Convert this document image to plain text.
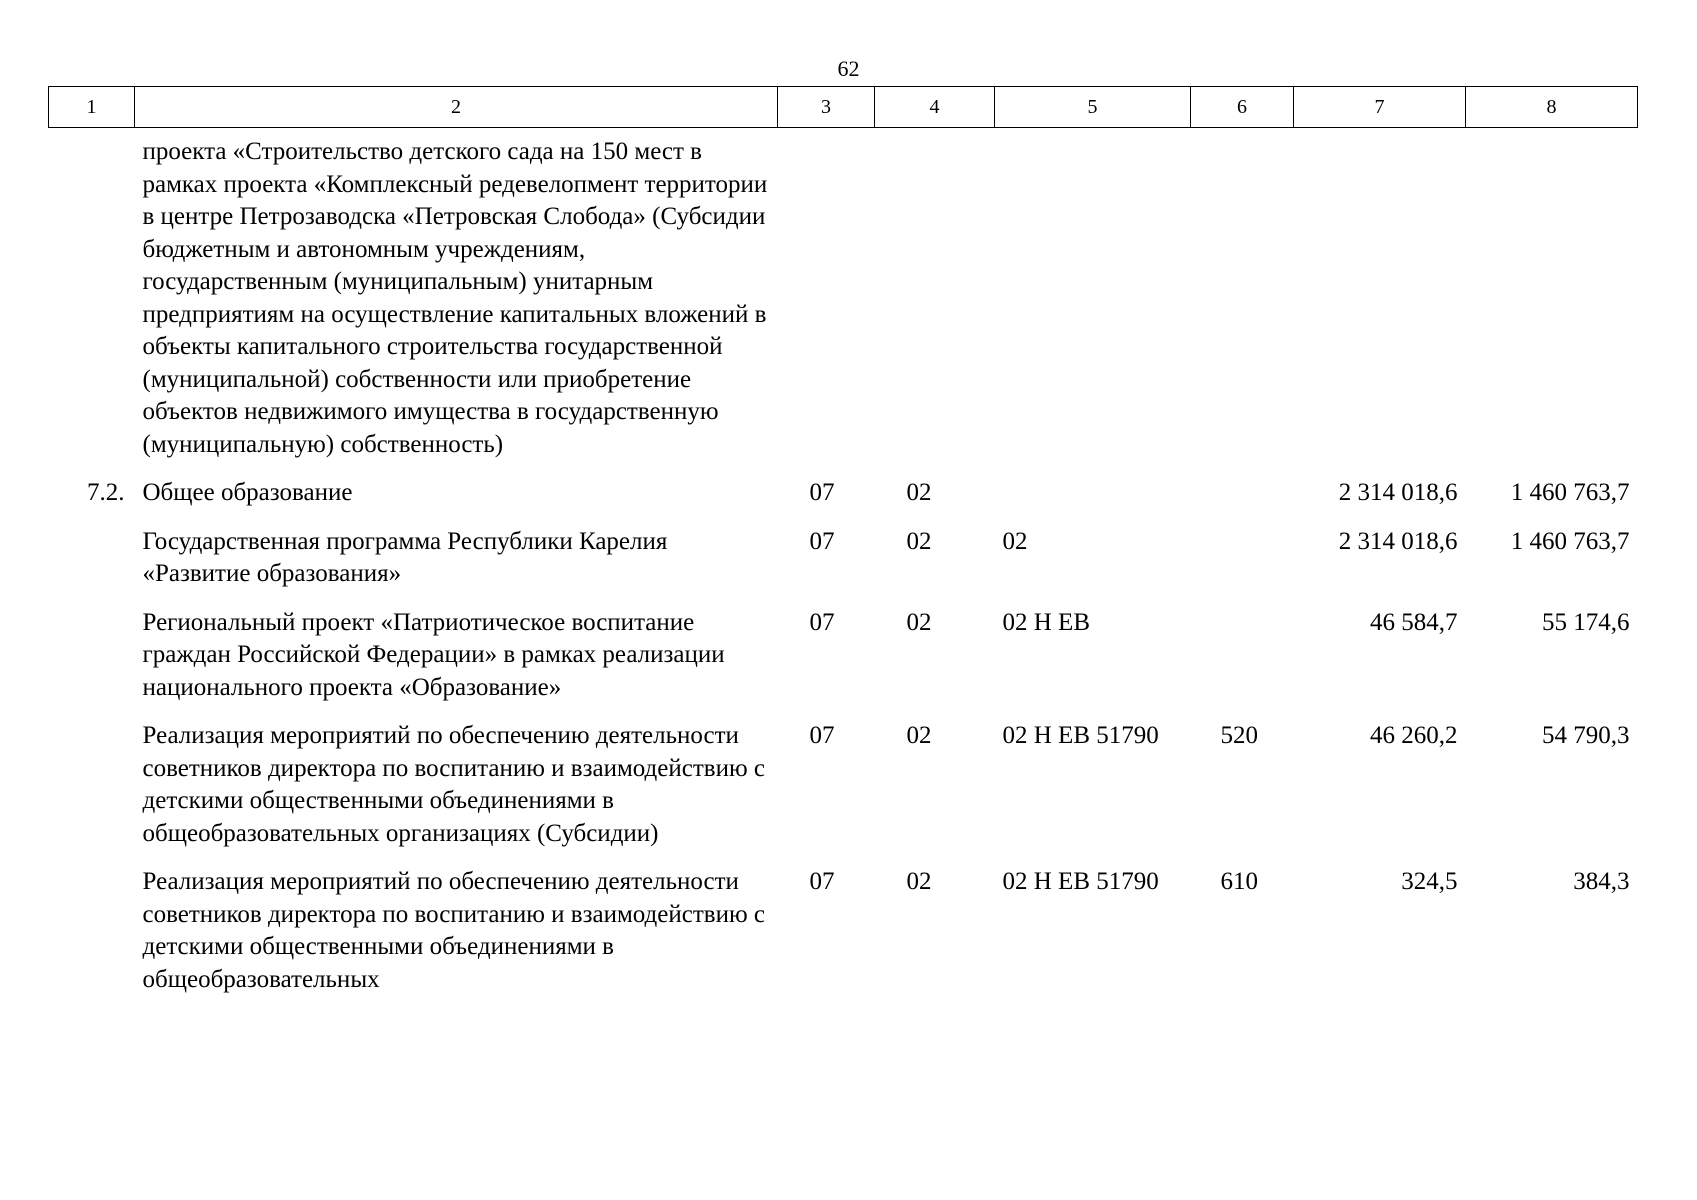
62
1	2	3	4	5	6	7	8
	проекта «Строительство детского сада на 150 мест в рамках проекта «Комплексный редевелопмент территории в центре Петрозаводска «Петровская Слобода» (Субсидии бюджетным и автономным учреждениям, государственным (муниципальным) унитарным предприятиям на осуществление капитальных вложений в объекты капитального строительства государственной (муниципальной) собственности или приобретение объектов недвижимого имущества в государственную (муниципальную) собственность)						
7.2.	Общее образование	07	02			2 314 018,6	1 460 763,7
	Государственная программа Республики Карелия «Развитие образования»	07	02	02		2 314 018,6	1 460 763,7
	Региональный проект «Патриотическое воспитание граждан Российской Федерации» в рамках реализации национального проекта «Образование»	07	02	02 Н ЕВ		46 584,7	55 174,6
	Реализация мероприятий по обеспечению деятельности советников директора по воспитанию и взаимодействию с детскими общественными объединениями в общеобразовательных организациях (Субсидии)	07	02	02 Н ЕВ 51790	520	46 260,2	54 790,3
	Реализация мероприятий по обеспечению деятельности советников директора по воспитанию и взаимодействию с детскими общественными объединениями в общеобразовательных	07	02	02 Н ЕВ 51790	610	324,5	384,3
